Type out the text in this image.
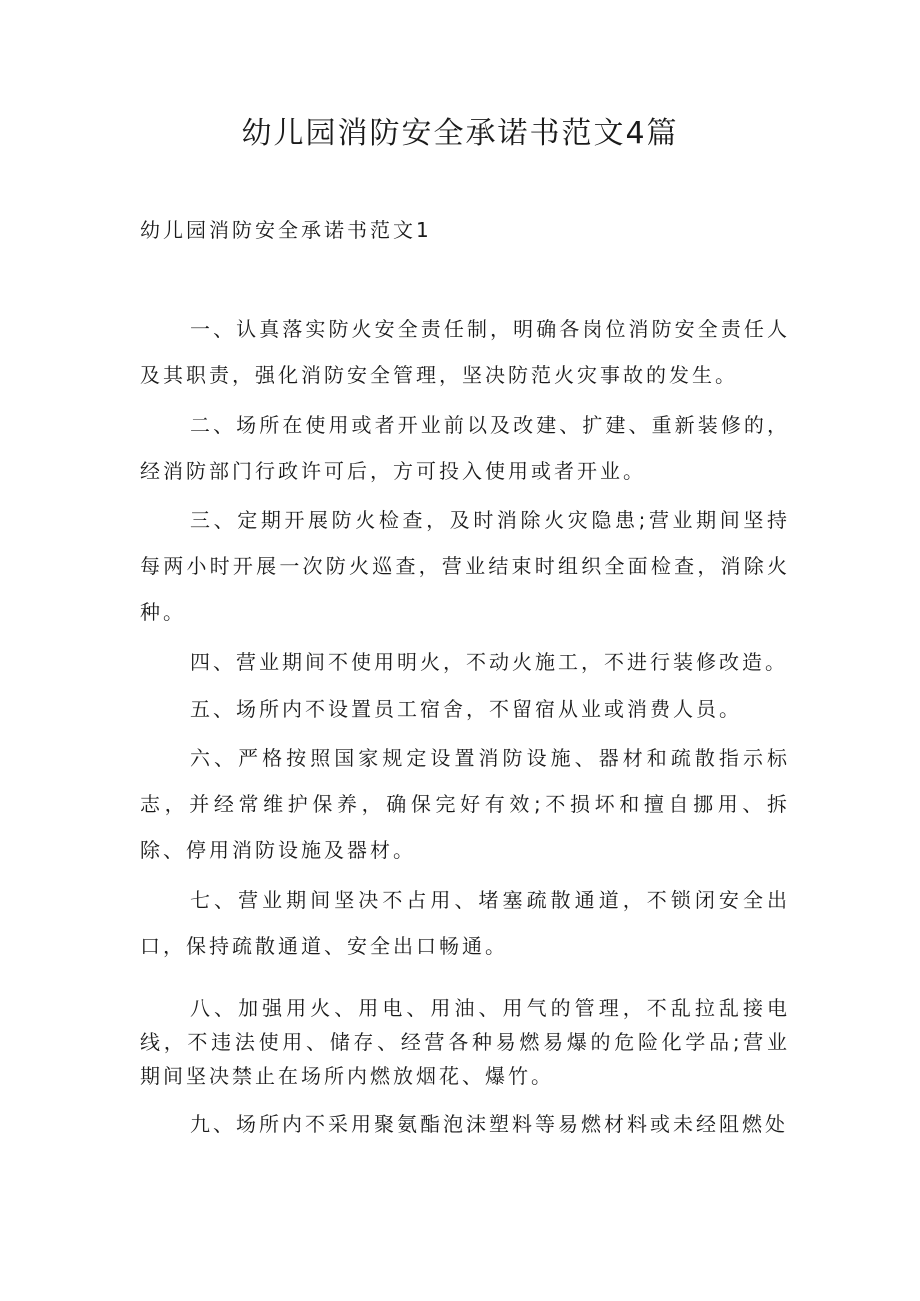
幼儿园消防安全承诺书范文4篇

幼儿园消防安全承诺书范文1

一、认真落实防火安全责任制，明确各岗位消防安全责任人及其职责，强化消防安全管理，坚决防范火灾事故的发生。

二、场所在使用或者开业前以及改建、扩建、重新装修的，经消防部门行政许可后，方可投入使用或者开业。

三、定期开展防火检查，及时消除火灾隐患;营业期间坚持每两小时开展一次防火巡查，营业结束时组织全面检查，消除火种。

四、营业期间不使用明火，不动火施工，不进行装修改造。

五、场所内不设置员工宿舍，不留宿从业或消费人员。

六、严格按照国家规定设置消防设施、器材和疏散指示标志，并经常维护保养，确保完好有效;不损坏和擅自挪用、拆除、停用消防设施及器材。

七、营业期间坚决不占用、堵塞疏散通道，不锁闭安全出口，保持疏散通道、安全出口畅通。

八、加强用火、用电、用油、用气的管理，不乱拉乱接电线，不违法使用、储存、经营各种易燃易爆的危险化学品;营业期间坚决禁止在场所内燃放烟花、爆竹。

九、场所内不采用聚氨酯泡沫塑料等易燃材料或未经阻燃处
